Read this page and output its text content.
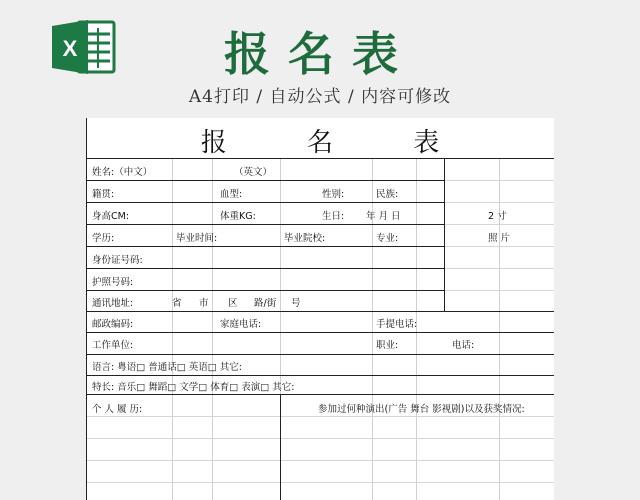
X	报名表
A4打印 / 自动公式 / 内容可修改
报 名 表
姓名:（中文）	（英文）
籍贯:	血型:	性别:	民族:
身高CM:	体重KG:	生日: 年 月 日	2 寸
学历:	毕业时间:	毕业院校:	专业:	照 片
身份证号码:
护照号码:
通讯地址:	省 市 区 路/街 号
邮政编码:	家庭电话:	手提电话:
工作单位:	职业:	电话:
语言: 粤语□ 普通话□ 英语□ 其它:
特长: 音乐□ 舞蹈□ 文学□ 体育□ 表演□ 其它:
个 人 履 历:	参加过何种演出(广告 舞台 影视剧)以及获奖情况:
